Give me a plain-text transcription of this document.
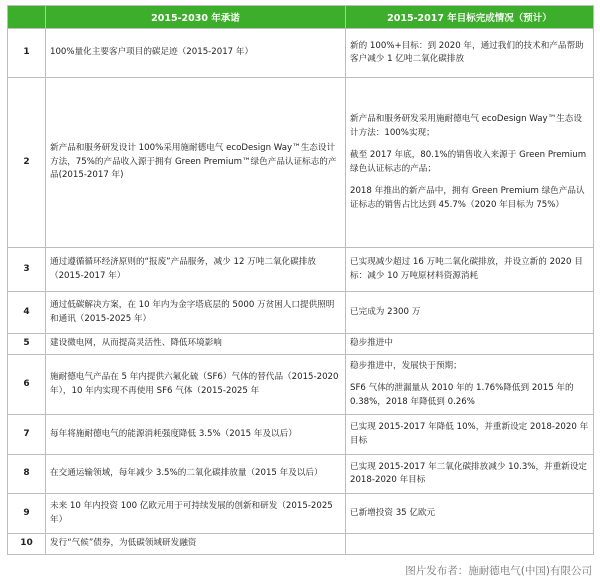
	2015-2030 年承诺	2015-2017 年目标完成情况（预计）
1	100%量化主要客户项目的碳足迹（2015-2017 年）	新的 100%+目标：到 2020 年，通过我们的技术和产品帮助客户减少 1 亿吨二氧化碳排放

2	新产品和服务研发设计 100%采用施耐德电气 ecoDesign Way™生态设计方法，75%的产品收入源于拥有 Green Premium™绿色产品认证标志的产品(2015-2017 年)	新产品和服务研发采用施耐德电气 ecoDesign Way™生态设计方法：100%实现；

截至 2017 年底，80.1%的销售收入来源于 Green Premium 绿色认证标志的产品；

2018 年推出的新产品中，拥有 Green Premium 绿色产品认证标志的销售占比达到 45.7%（2020 年目标为 75%）

3	通过遵循循环经济原则的“报废”产品服务，减少 12 万吨二氧化碳排放（2015-2017 年）	已实现减少超过 16 万吨二氧化碳排放，并设立新的 2020 目标：减少 10 万吨原材料资源消耗

4	通过低碳解决方案，在 10 年内为金字塔底层的 5000 万贫困人口提供照明和通讯（2015-2025 年）	已完成为 2300 万

5	建设微电网，从而提高灵活性、降低环境影响	稳步推进中

6	施耐德电气产品在 5 年内提供六氟化硫（SF6）气体的替代品（2015-2020 年），10 年内实现不再使用 SF6 气体（2015-2025 年	稳步推进中，发展快于预期；

SF6 气体的泄漏量从 2010 年的 1.76%降低到 2015 年的 0.38%，2018 年降低到 0.26%

7	每年将施耐德电气的能源消耗强度降低 3.5%（2015 年及以后）	已实现 2015-2017 年降低 10%，并重新设定 2018-2020 年目标

8	在交通运输领域，每年减少 3.5%的二氧化碳排放量（2015 年及以后）	已实现 2015-2017 年二氧化碳排放减少 10.3%，并重新设定 2018-2020 年目标

9	未来 10 年内投资 100 亿欧元用于可持续发展的创新和研发（2015-2025 年）	已新增投资 35 亿欧元

10	发行“气候”债券，为低碳领域研发融资	

图片发布者：施耐德电气(中国)有限公司
